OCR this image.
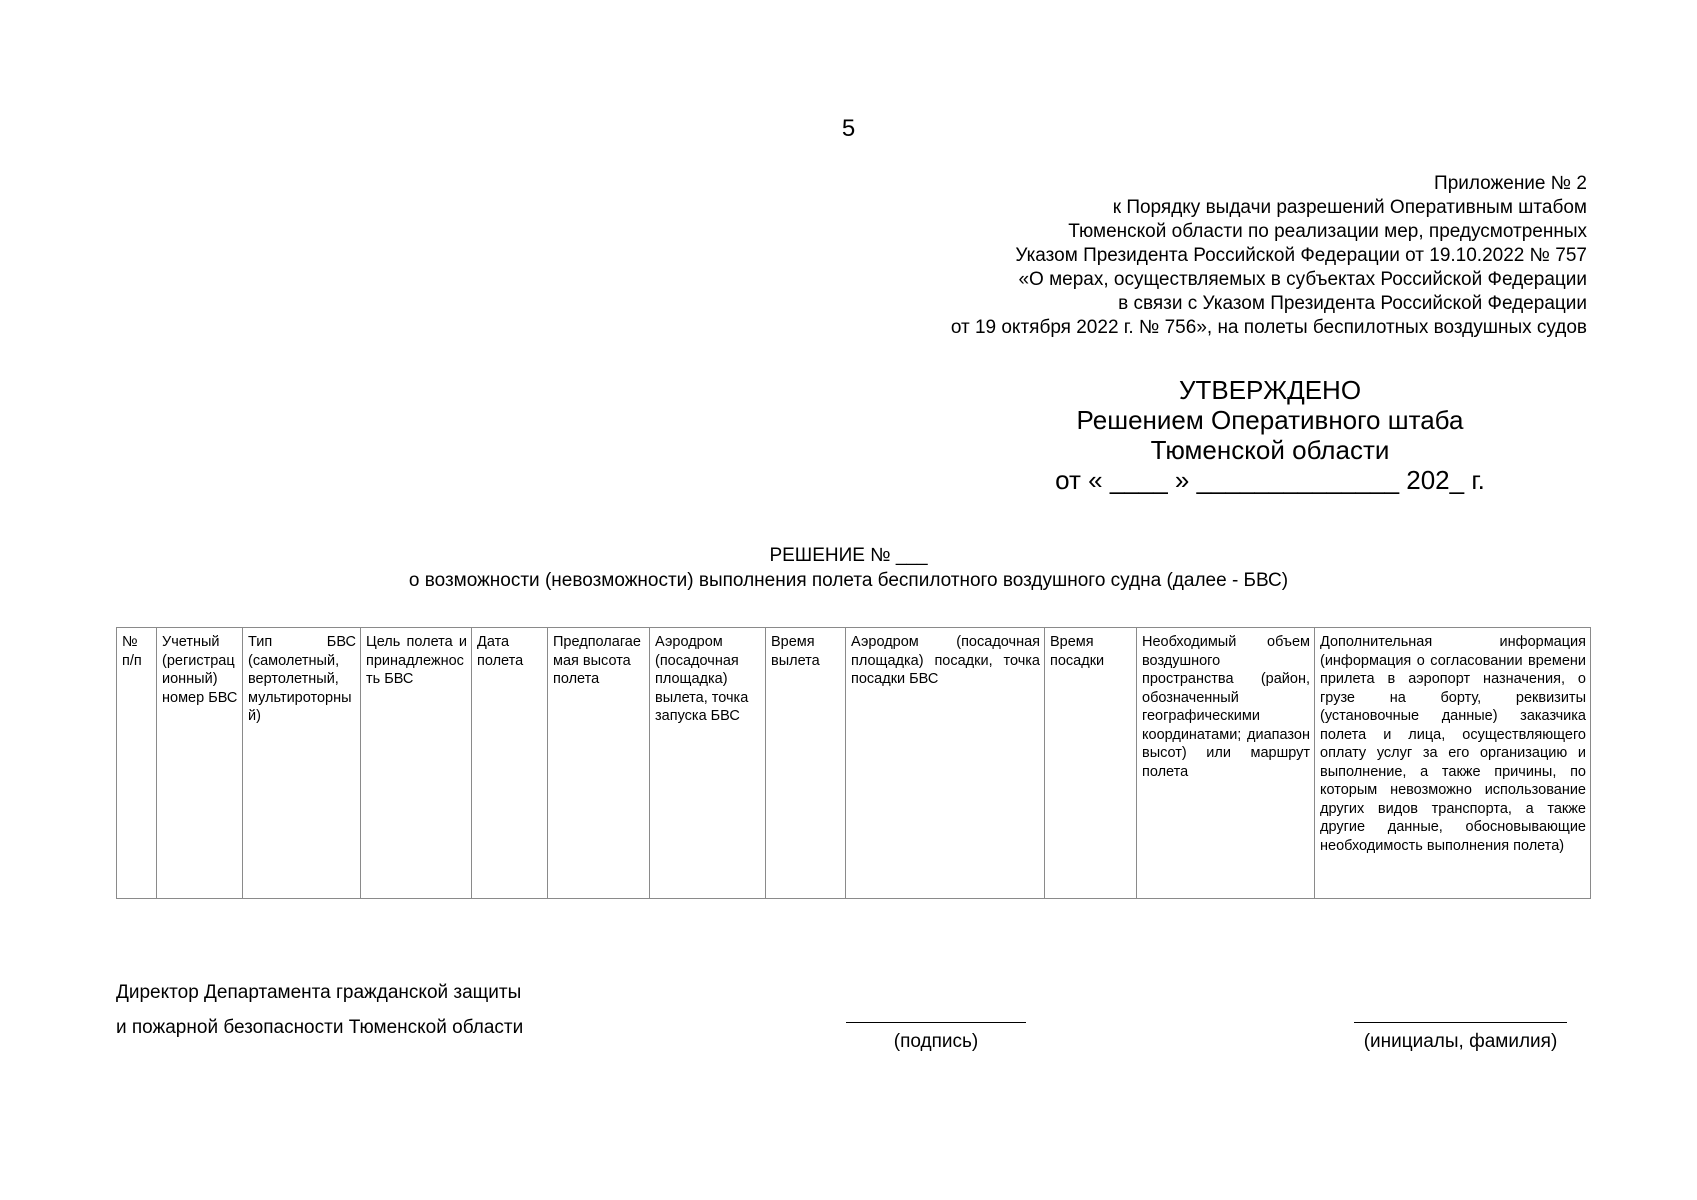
5
Приложение № 2
к Порядку выдачи разрешений Оперативным штабом
Тюменской области по реализации мер, предусмотренных
Указом Президента Российской Федерации от 19.10.2022 № 757
«О мерах, осуществляемых в субъектах Российской Федерации
в связи с Указом Президента Российской Федерации
от 19 октября 2022 г. № 756», на полеты беспилотных воздушных судов
УТВЕРЖДЕНО
Решением Оперативного штаба
Тюменской области
от « ____ » ______________ 202_ г.
РЕШЕНИЕ № ___
о возможности (невозможности) выполнения полета беспилотного воздушного судна (далее - БВС)
№ п/п	Учетный (регистрационный) номер БВС	Тип БВС (самолетный, вертолетный, мультироторный)	Цель полета и принадлежность БВС	Дата полета	Предполагаемая высота полета	Аэродром (посадочная площадка) вылета, точка запуска БВС	Время вылета	Аэродром (посадочная площадка) посадки, точка посадки БВС	Время посадки	Необходимый объем воздушного пространства (район, обозначенный географическими координатами; диапазон высот) или маршрут полета	Дополнительная информация (информация о согласовании времени прилета в аэропорт назначения, о грузе на борту, реквизиты (установочные данные) заказчика полета и лица, осуществляющего оплату услуг за его организацию и выполнение, а также причины, по которым невозможно использование других видов транспорта, а также другие данные, обосновывающие необходимость выполнения полета)
Директор Департамента гражданской защиты
и пожарной безопасности Тюменской области
(подпись)	(инициалы, фамилия)
